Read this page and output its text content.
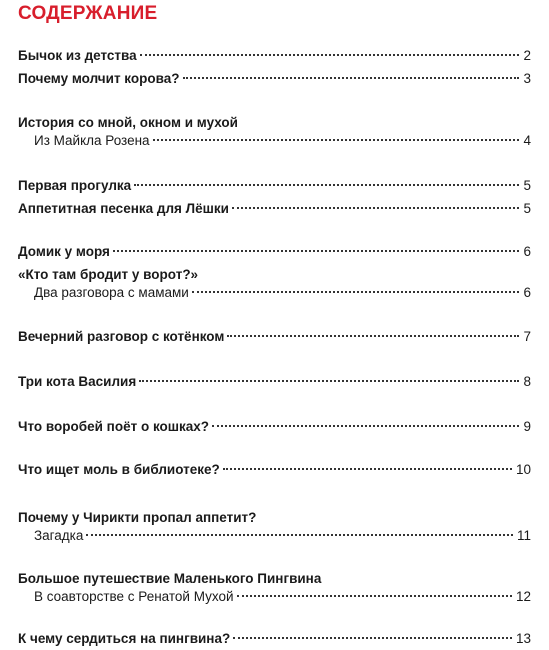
СОДЕРЖАНИЕ
Бычок из детства	2
Почему молчит корова?	3
История со мной, окном и мухой
Из Майкла Розена	4
Первая прогулка	5
Аппетитная песенка для Лёшки	5
Домик у моря	6
«Кто там бродит у ворот?»
Два разговора с мамами	6
Вечерний разговор с котёнком	7
Три кота Василия	8
Что воробей поёт о кошках?	9
Что ищет моль в библиотеке?	10
Почему у Чирикти пропал аппетит?
Загадка	11
Большое путешествие Маленького Пингвина
В соавторстве с Ренатой Мухой	12
К чему сердиться на пингвина?	13
